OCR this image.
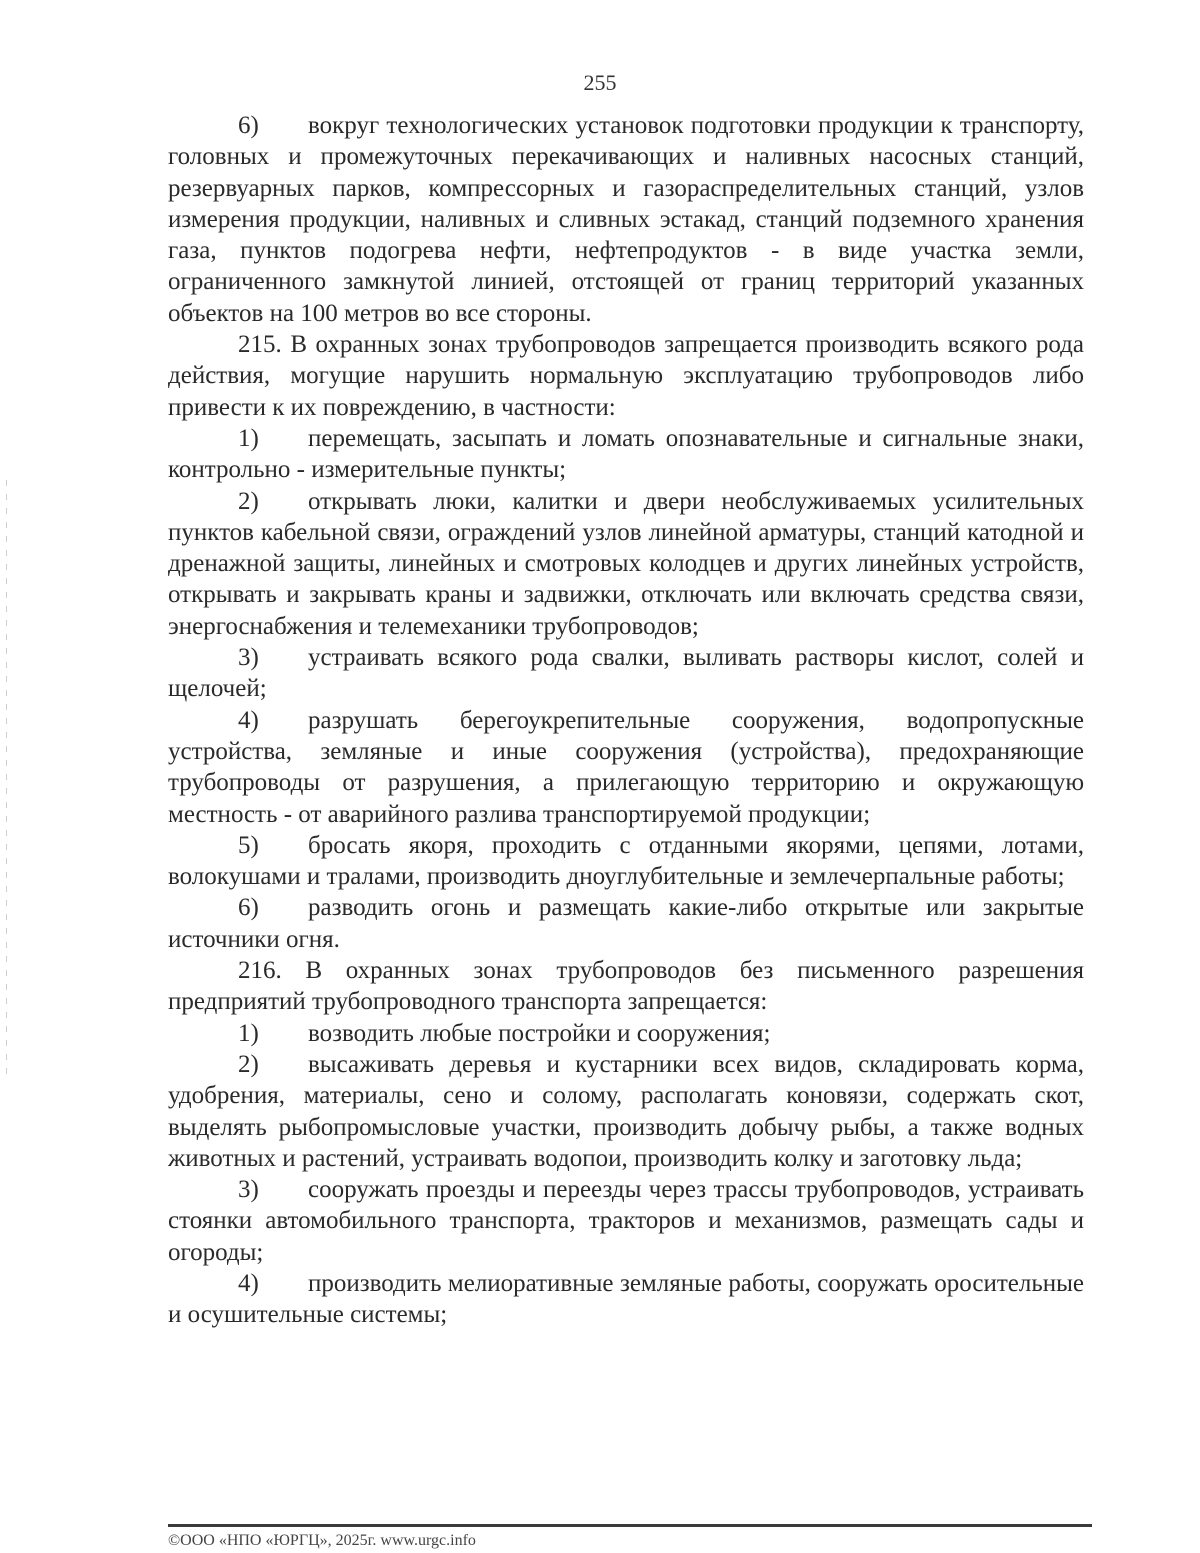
255

6) вокруг технологических установок подготовки продукции к транспорту, головных и промежуточных перекачивающих и наливных насосных станций, резервуарных парков, компрессорных и газораспределительных станций, узлов измерения продукции, наливных и сливных эстакад, станций подземного хранения газа, пунктов подогрева нефти, нефтепродуктов - в виде участка земли, ограниченного замкнутой линией, отстоящей от границ территорий указанных объектов на 100 метров во все стороны.

215. В охранных зонах трубопроводов запрещается производить всякого рода действия, могущие нарушить нормальную эксплуатацию трубопроводов либо привести к их повреждению, в частности:

1) перемещать, засыпать и ломать опознавательные и сигнальные знаки, контрольно - измерительные пункты;

2) открывать люки, калитки и двери необслуживаемых усилительных пунктов кабельной связи, ограждений узлов линейной арматуры, станций катодной и дренажной защиты, линейных и смотровых колодцев и других линейных устройств, открывать и закрывать краны и задвижки, отключать или включать средства связи, энергоснабжения и телемеханики трубопроводов;

3) устраивать всякого рода свалки, выливать растворы кислот, солей и щелочей;

4) разрушать берегоукрепительные сооружения, водопропускные устройства, земляные и иные сооружения (устройства), предохраняющие трубопроводы от разрушения, а прилегающую территорию и окружающую местность - от аварийного разлива транспортируемой продукции;

5) бросать якоря, проходить с отданными якорями, цепями, лотами, волокушами и тралами, производить дноуглубительные и землечерпальные работы;

6) разводить огонь и размещать какие-либо открытые или закрытые источники огня.

216. В охранных зонах трубопроводов без письменного разрешения предприятий трубопроводного транспорта запрещается:

1) возводить любые постройки и сооружения;

2) высаживать деревья и кустарники всех видов, складировать корма, удобрения, материалы, сено и солому, располагать коновязи, содержать скот, выделять рыбопромысловые участки, производить добычу рыбы, а также водных животных и растений, устраивать водопои, производить колку и заготовку льда;

3) сооружать проезды и переезды через трассы трубопроводов, устраивать стоянки автомобильного транспорта, тракторов и механизмов, размещать сады и огороды;

4) производить мелиоративные земляные работы, сооружать оросительные и осушительные системы;

©ООО «НПО «ЮРГЦ», 2025г. www.urgc.info
